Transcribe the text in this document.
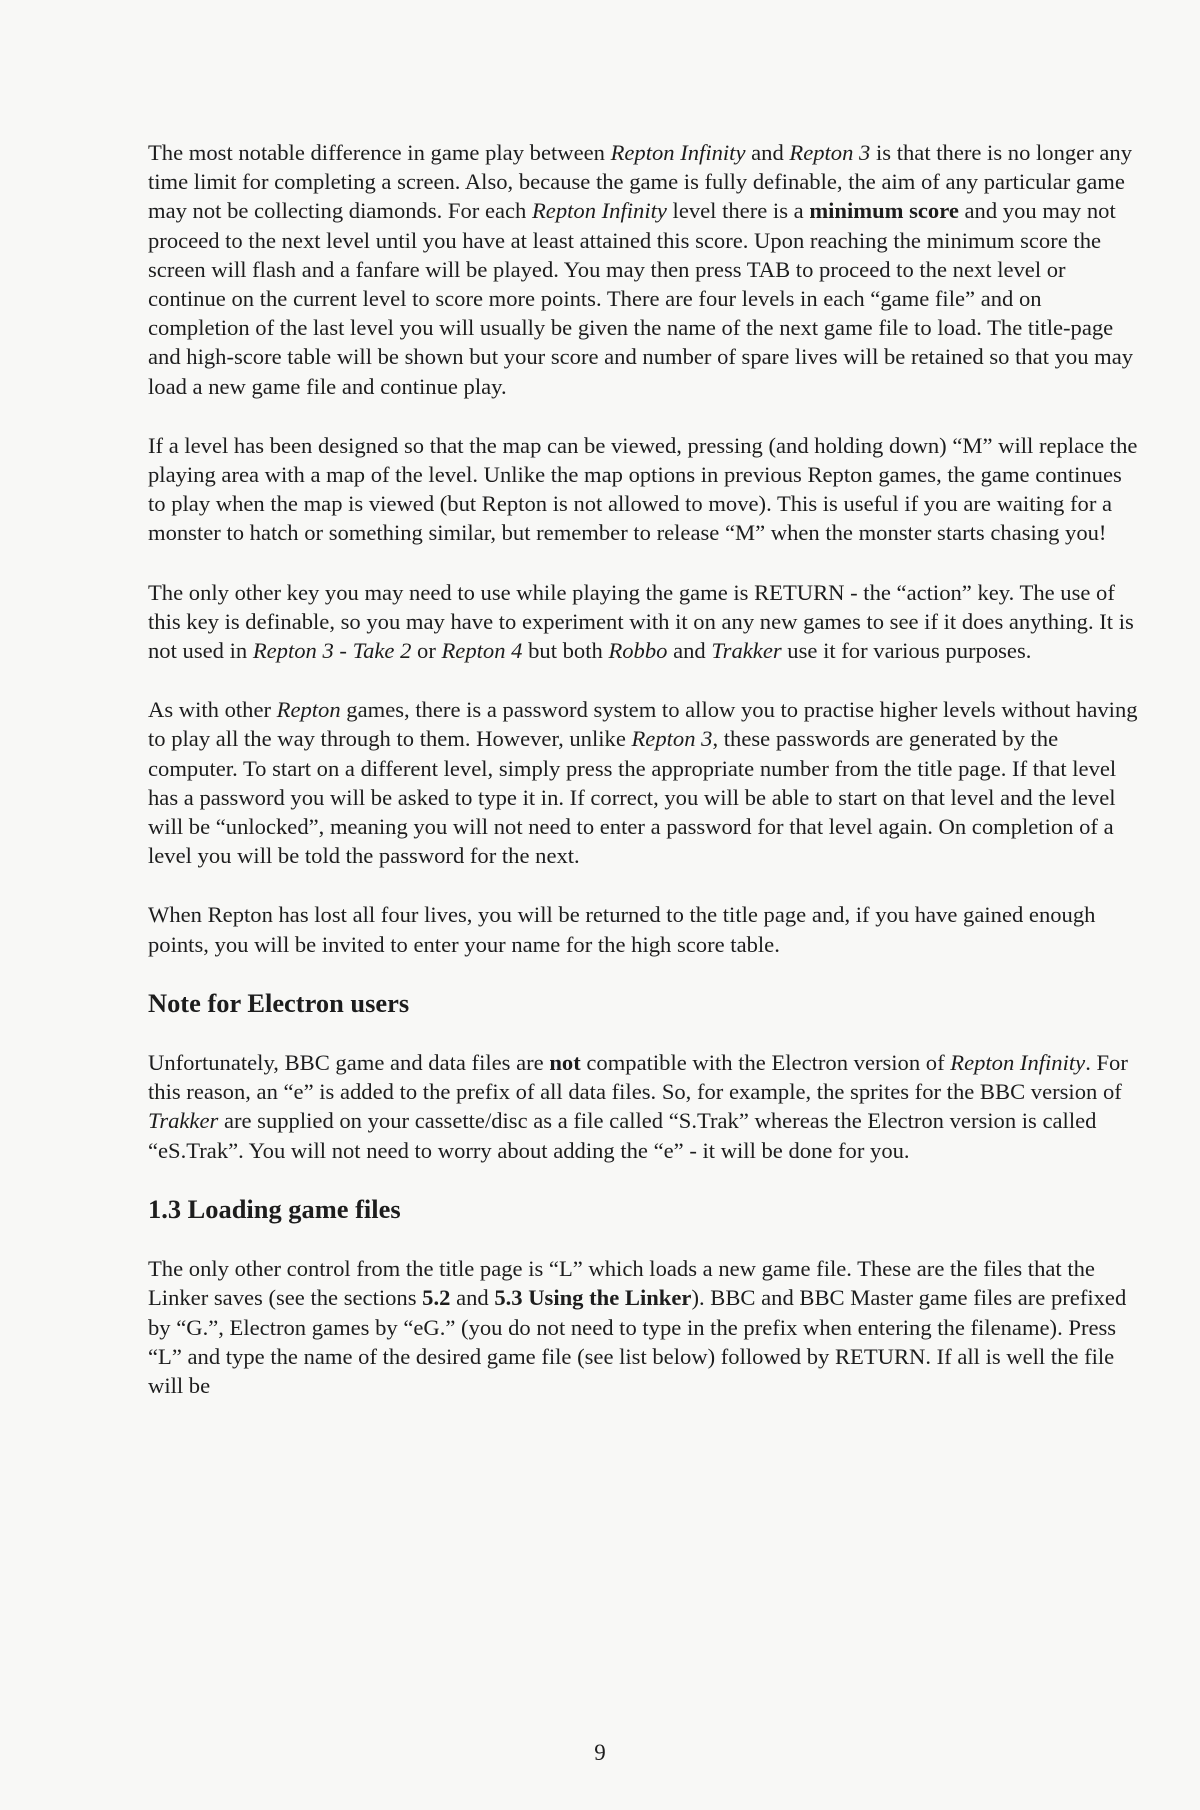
The most notable difference in game play between Repton Infinity and Repton 3 is that there is no longer any time limit for completing a screen. Also, because the game is fully definable, the aim of any particular game may not be collecting diamonds. For each Repton Infinity level there is a minimum score and you may not proceed to the next level until you have at least attained this score. Upon reaching the minimum score the screen will flash and a fanfare will be played. You may then press TAB to proceed to the next level or continue on the current level to score more points. There are four levels in each “game file” and on completion of the last level you will usually be given the name of the next game file to load. The title-page and high-score table will be shown but your score and number of spare lives will be retained so that you may load a new game file and continue play.

If a level has been designed so that the map can be viewed, pressing (and holding down) “M” will replace the playing area with a map of the level. Unlike the map options in previous Repton games, the game continues to play when the map is viewed (but Repton is not allowed to move). This is useful if you are waiting for a monster to hatch or something similar, but remember to release “M” when the monster starts chasing you!

The only other key you may need to use while playing the game is RETURN - the “action” key. The use of this key is definable, so you may have to experiment with it on any new games to see if it does anything. It is not used in Repton 3 - Take 2 or Repton 4 but both Robbo and Trakker use it for various purposes.

As with other Repton games, there is a password system to allow you to practise higher levels without having to play all the way through to them. However, unlike Repton 3, these passwords are generated by the computer. To start on a different level, simply press the appropriate number from the title page. If that level has a password you will be asked to type it in. If correct, you will be able to start on that level and the level will be “unlocked”, meaning you will not need to enter a password for that level again. On completion of a level you will be told the password for the next.

When Repton has lost all four lives, you will be returned to the title page and, if you have gained enough points, you will be invited to enter your name for the high score table.

Note for Electron users

Unfortunately, BBC game and data files are not compatible with the Electron version of Repton Infinity. For this reason, an “e” is added to the prefix of all data files. So, for example, the sprites for the BBC version of Trakker are supplied on your cassette/disc as a file called “S.Trak” whereas the Electron version is called “eS.Trak”. You will not need to worry about adding the “e” - it will be done for you.

1.3 Loading game files

The only other control from the title page is “L” which loads a new game file. These are the files that the Linker saves (see the sections 5.2 and 5.3 Using the Linker). BBC and BBC Master game files are prefixed by “G.”, Electron games by “eG.” (you do not need to type in the prefix when entering the filename). Press “L” and type the name of the desired game file (see list below) followed by RETURN. If all is well the file will be

9
